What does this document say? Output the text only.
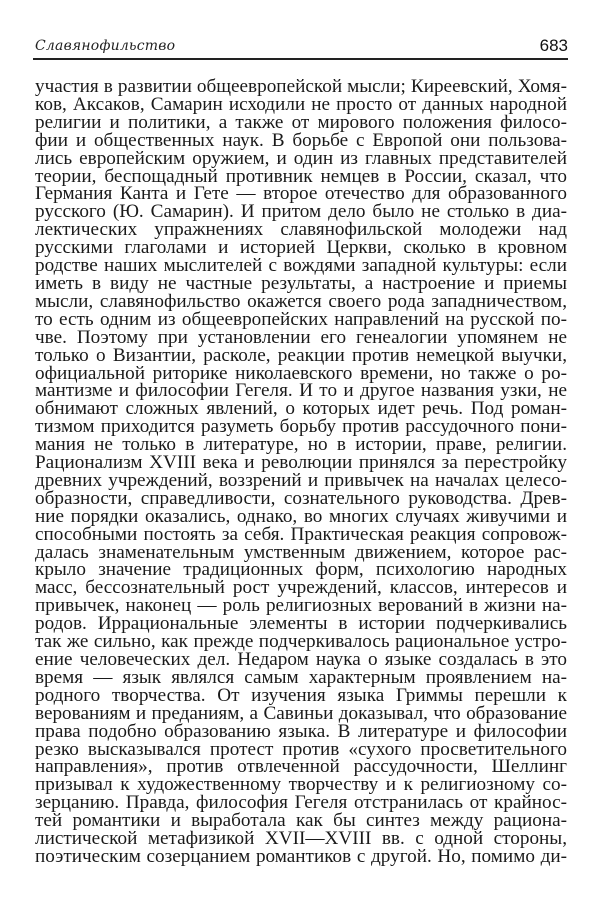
Славянофильство	683
участия в развитии общеевропейской мысли; Киреевский, Хомя-
ков, Аксаков, Самарин исходили не просто от данных народной
религии и политики, а также от мирового положения филосо-
фии и общественных наук. В борьбе с Европой они пользова-
лись европейским оружием, и один из главных представителей
теории, беспощадный противник немцев в России, сказал, что
Германия Канта и Гете — второе отечество для образованного
русского (Ю. Самарин). И притом дело было не столько в диа-
лектических упражнениях славянофильской молодежи над
русскими глаголами и историей Церкви, сколько в кровном
родстве наших мыслителей с вождями западной культуры: если
иметь в виду не частные результаты, а настроение и приемы
мысли, славянофильство окажется своего рода западничеством,
то есть одним из общеевропейских направлений на русской по-
чве. Поэтому при установлении его генеалогии упомянем не
только о Византии, расколе, реакции против немецкой выучки,
официальной риторике николаевского времени, но также о ро-
мантизме и философии Гегеля. И то и другое названия узки, не
обнимают сложных явлений, о которых идет речь. Под роман-
тизмом приходится разуметь борьбу против рассудочного пони-
мания не только в литературе, но в истории, праве, религии.
Рационализм XVIII века и революции принялся за перестройку
древних учреждений, воззрений и привычек на началах целесо-
образности, справедливости, сознательного руководства. Древ-
ние порядки оказались, однако, во многих случаях живучими и
способными постоять за себя. Практическая реакция сопровож-
далась знаменательным умственным движением, которое рас-
крыло значение традиционных форм, психологию народных
масс, бессознательный рост учреждений, классов, интересов и
привычек, наконец — роль религиозных верований в жизни на-
родов. Иррациональные элементы в истории подчеркивались
так же сильно, как прежде подчеркивалось рациональное устро-
ение человеческих дел. Недаром наука о языке создалась в это
время — язык являлся самым характерным проявлением на-
родного творчества. От изучения языка Гриммы перешли к
верованиям и преданиям, а Савиньи доказывал, что образование
права подобно образованию языка. В литературе и философии
резко высказывался протест против «сухого просветительного
направления», против отвлеченной рассудочности, Шеллинг
призывал к художественному творчеству и к религиозному со-
зерцанию. Правда, философия Гегеля отстранилась от крайнос-
тей романтики и выработала как бы синтез между рациона-
листической метафизикой XVII—XVIII вв. с одной стороны,
поэтическим созерцанием романтиков с другой. Но, помимо ди-
